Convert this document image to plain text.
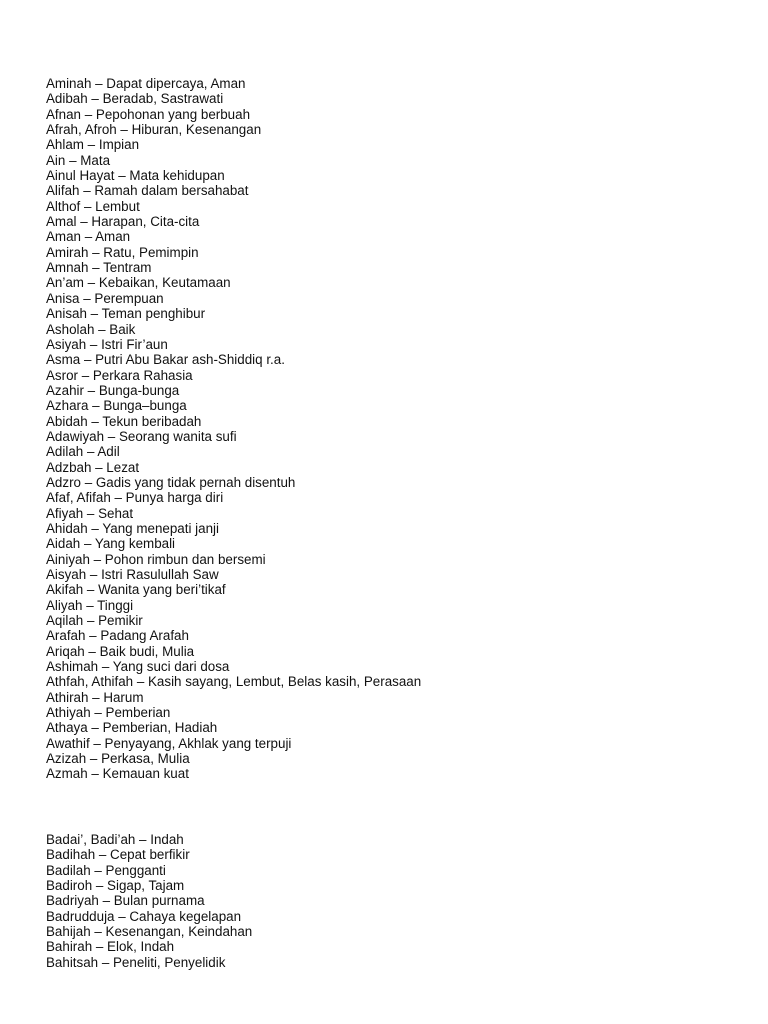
Aminah – Dapat dipercaya, Aman
Adibah – Beradab, Sastrawati
Afnan – Pepohonan yang berbuah
Afrah, Afroh – Hiburan, Kesenangan
Ahlam – Impian
Ain – Mata
Ainul Hayat – Mata kehidupan
Alifah – Ramah dalam bersahabat
Althof – Lembut
Amal – Harapan, Cita-cita
Aman – Aman
Amirah – Ratu, Pemimpin
Amnah – Tentram
An’am – Kebaikan, Keutamaan
Anisa – Perempuan
Anisah – Teman penghibur
Asholah – Baik
Asiyah – Istri Fir’aun
Asma – Putri Abu Bakar ash-Shiddiq r.a.
Asror – Perkara Rahasia
Azahir – Bunga-bunga
Azhara – Bunga–bunga
Abidah – Tekun beribadah
Adawiyah – Seorang wanita sufi
Adilah – Adil
Adzbah – Lezat
Adzro – Gadis yang tidak pernah disentuh
Afaf, Afifah – Punya harga diri
Afiyah – Sehat
Ahidah – Yang menepati janji
Aidah – Yang kembali
Ainiyah – Pohon rimbun dan bersemi
Aisyah – Istri Rasulullah Saw
Akifah – Wanita yang beri’tikaf
Aliyah – Tinggi
Aqilah – Pemikir
Arafah – Padang Arafah
Ariqah – Baik budi, Mulia
Ashimah – Yang suci dari dosa
Athfah, Athifah – Kasih sayang, Lembut, Belas kasih, Perasaan
Athirah – Harum
Athiyah – Pemberian
Athaya – Pemberian, Hadiah
Awathif – Penyayang, Akhlak yang terpuji
Azizah – Perkasa, Mulia
Azmah – Kemauan kuat
Badai’, Badi’ah – Indah
Badihah – Cepat berfikir
Badilah – Pengganti
Badiroh – Sigap, Tajam
Badriyah – Bulan purnama
Badrudduja – Cahaya kegelapan
Bahijah – Kesenangan, Keindahan
Bahirah – Elok, Indah
Bahitsah – Peneliti, Penyelidik
